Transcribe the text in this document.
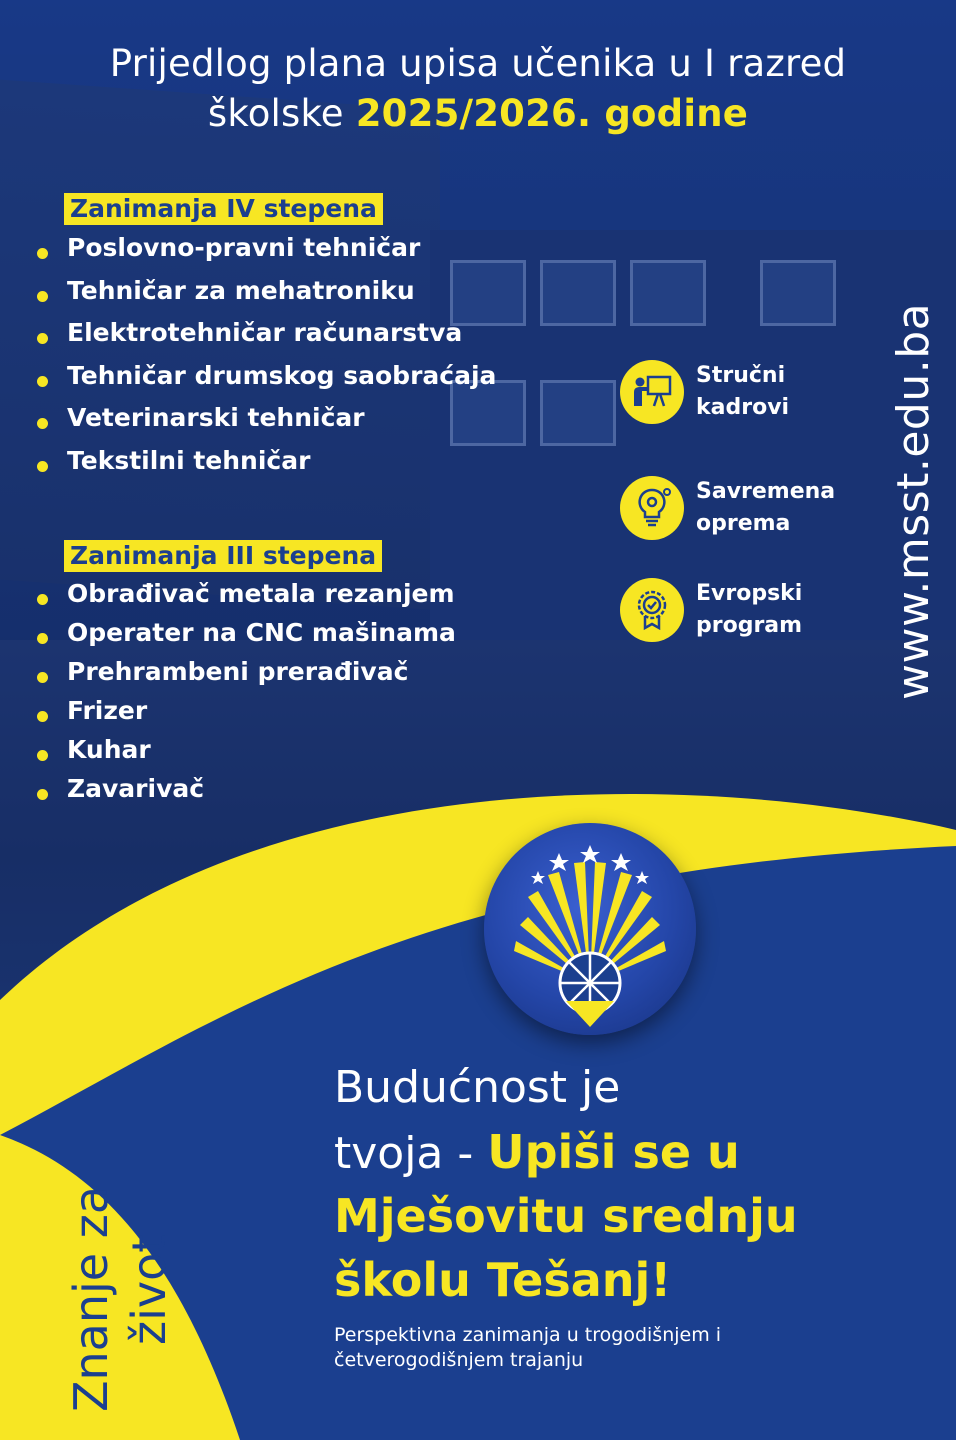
Prijedlog plana upisa učenika u I razred
školske 2025/2026. godine
Zanimanja IV stepena
Poslovno-pravni tehničar
Tehničar za mehatroniku
Elektrotehničar računarstva
Tehničar drumskog saobraćaja
Veterinarski tehničar
Tekstilni tehničar
Zanimanja III stepena
Obrađivač metala rezanjem
Operater na CNC mašinama
Prehrambeni prerađivač
Frizer
Kuhar
Zavarivač
Stručni
kadrovi
Savremena
oprema
Evropski
program www.msst.edu.ba
Budućnost je
tvoja - Upiši se u
Mješovitu srednju
školu Tešanj!
Perspektivna zanimanja u trogodišnjem i četverogodišnjem trajanju
Znanje za život
